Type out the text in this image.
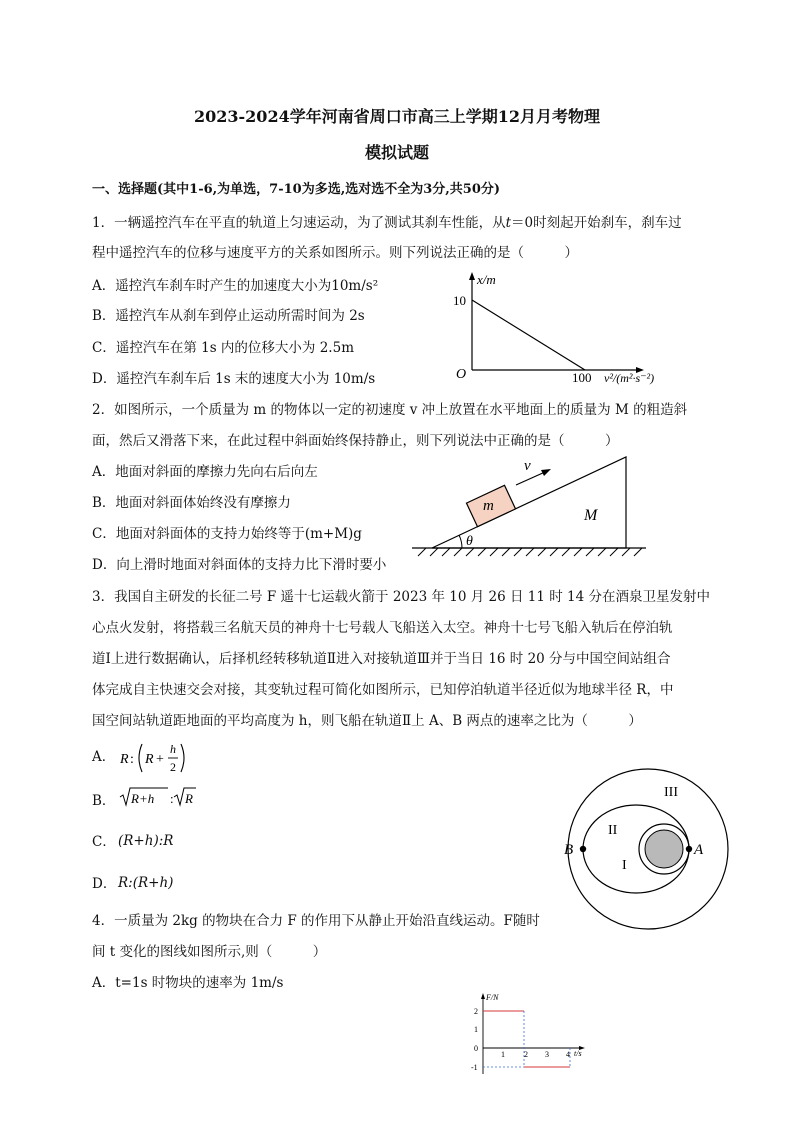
2023-2024学年河南省周口市高三上学期12月月考物理
模拟试题
一、选择题(其中1-6,为单选，7-10为多选,选对选不全为3分,共50分)
1．一辆遥控汽车在平直的轨道上匀速运动，为了测试其刹车性能，从t＝0时刻起开始刹车，刹车过
程中遥控汽车的位移与速度平方的关系如图所示。则下列说法正确的是（　　　）
A．遥控汽车刹车时产生的加速度大小为10m/s²
B．遥控汽车从刹车到停止运动所需时间为 2s
C．遥控汽车在第 1s 内的位移大小为 2.5m
D．遥控汽车刹车后 1s 末的速度大小为 10m/s
x/m
10
O	100 v²/(m²·s⁻²)
2．如图所示，一个质量为 m 的物体以一定的初速度 v 冲上放置在水平地面上的质量为 M 的粗造斜
面，然后又滑落下来，在此过程中斜面始终保持静止，则下列说法中正确的是（　　　）
A．地面对斜面的摩擦力先向右后向左
B．地面对斜面体始终没有摩擦力
C．地面对斜面体的支持力始终等于(m+M)g
D．向上滑时地面对斜面体的支持力比下滑时要小
θ
m
v
M
3．我国自主研发的长征二号 F 遥十七运载火箭于 2023 年 10 月 26 日 11 时 14 分在酒泉卫星发射中
心点火发射，将搭载三名航天员的神舟十七号载人飞船送入太空。神舟十七号飞船入轨后在停泊轨
道Ⅰ上进行数据确认，后择机经转移轨道Ⅱ进入对接轨道Ⅲ并于当日 16 时 20 分与中国空间站组合
体完成自主快速交会对接，其变轨过程可简化如图所示，已知停泊轨道半径近似为地球半径 R，中
国空间站轨道距地面的平均高度为 h，则飞船在轨道Ⅱ上 A、B 两点的速率之比为（　　　）
A． R : R +
h
2
B． R+h : R
C． (R+h):R
D． R:(R+h)
III
II
I
A
B
4．一质量为 2kg 的物块在合力 F 的作用下从静止开始沿直线运动。F随时
间 t 变化的图线如图所示,则（　　　）
A．t=1s 时物块的速率为 1m/s
F/N
2
1
0
-1
1 2 3 4 t/s
